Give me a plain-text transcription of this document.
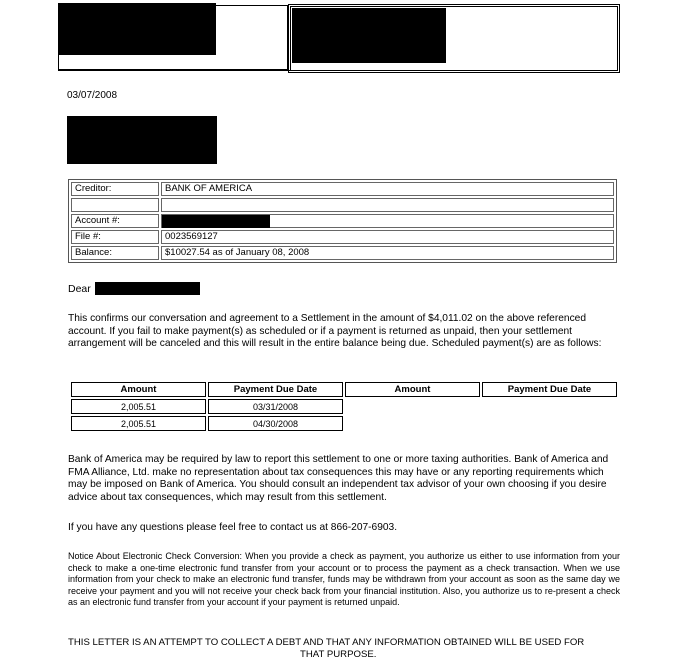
03/07/2008
Creditor:	BANK OF AMERICA

Account #:	

File #:	0023569127
Balance:	$10027.54 as of January 08, 2008
Dear
This confirms our conversation and agreement to a Settlement in the amount of $4,011.02 on the above referenced account. If you fail to make payment(s) as scheduled or if a payment is returned as unpaid, then your settlement arrangement will be canceled and this will result in the entire balance being due. Scheduled payment(s) are as follows:
Amount	Payment Due Date	Amount	Payment Due Date
2,005.51	03/31/2008		
2,005.51	04/30/2008		
Bank of America may be required by law to report this settlement to one or more taxing authorities. Bank of America and FMA Alliance, Ltd. make no representation about tax consequences this may have or any reporting requirements which may be imposed on Bank of America. You should consult an independent tax advisor of your own choosing if you desire advice about tax consequences, which may result from this settlement.
If you have any questions please feel free to contact us at 866-207-6903.
Notice About Electronic Check Conversion: When you provide a check as payment, you authorize us either to use information from your check to make a one-time electronic fund transfer from your account or to process the payment as a check transaction. When we use information from your check to make an electronic fund transfer, funds may be withdrawn from your account as soon as the same day we receive your payment and you will not receive your check back from your financial institution. Also, you authorize us to re-present a check as an electronic fund transfer from your account if your payment is returned unpaid.
THIS LETTER IS AN ATTEMPT TO COLLECT A DEBT AND THAT ANY INFORMATION OBTAINED WILL BE USED FOR
THAT PURPOSE.
